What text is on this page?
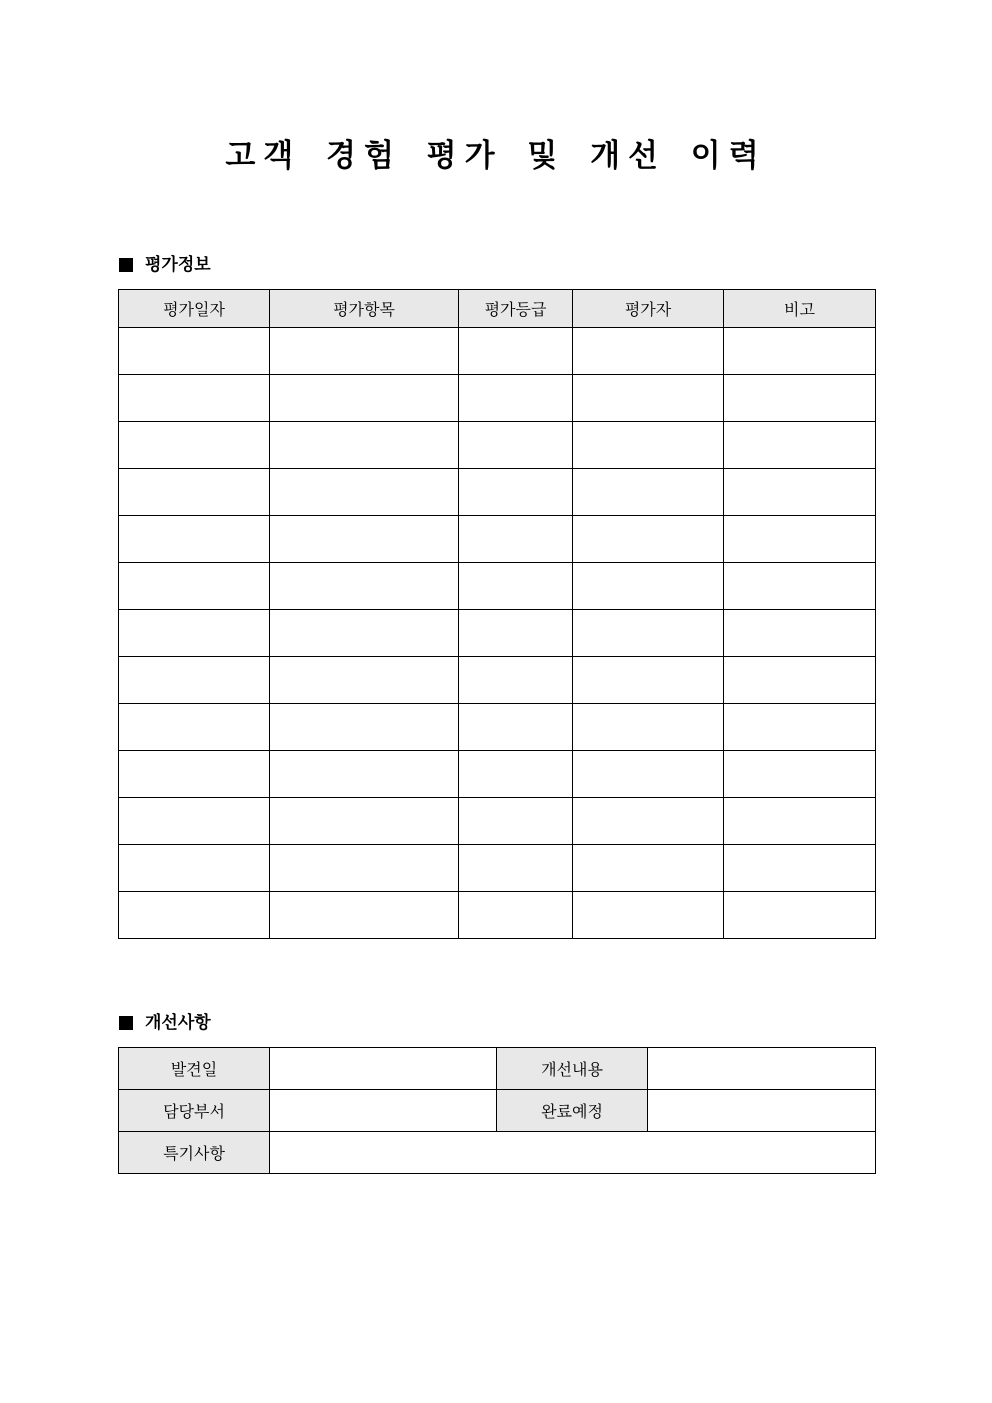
고객 경험 평가 및 개선 이력
평가정보
평가일자	평가항목	평가등급	평가자	비고

개선사항
발견일		개선내용	
담당부서		완료예정	
특기사항			
